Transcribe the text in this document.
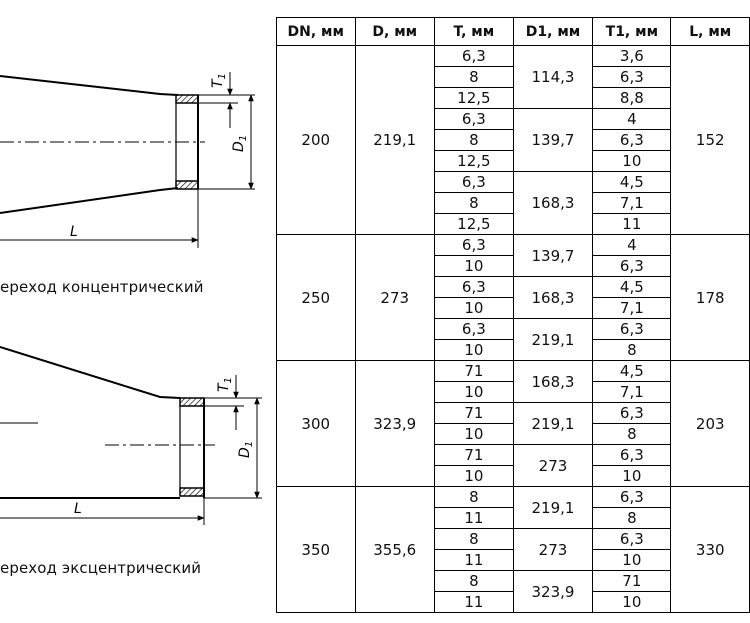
$T_1$
$D_1$
L
$T_1$
$D_1$
L
ереход концентрический
ереход эксцентрический
DN, мм	D, мм	T, мм	D1, мм	T1, мм	L, мм
200	219,1	6,3	114,3	3,6	152
		8		6,3	
		12,5		8,8	
		6,3	139,7	4	
		8		6,3	
		12,5		10	
		6,3	168,3	4,5	
		8		7,1	
		12,5		11	
250	273	6,3	139,7	4	178
		10		6,3	
		6,3	168,3	4,5	
		10		7,1	
		6,3	219,1	6,3	
		10		8	
300	323,9	71	168,3	4,5	203
		10		7,1	
		71	219,1	6,3	
		10		8	
		71	273	6,3	
		10		10	
350	355,6	8	219,1	6,3	330
		11		8	
		8	273	6,3	
		11		10	
		8	323,9	71	
		11		10	
